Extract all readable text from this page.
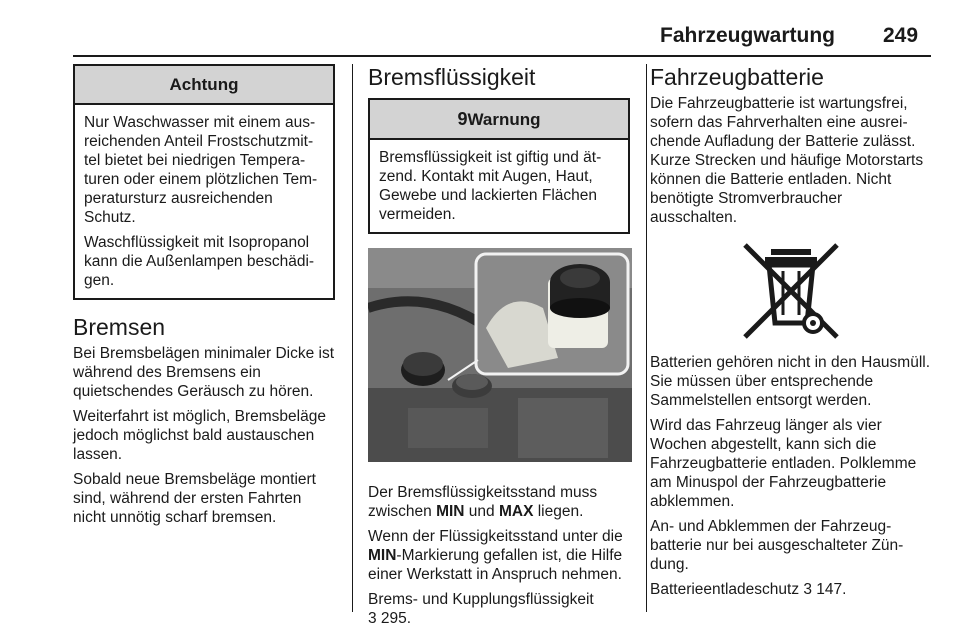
Fahrzeugwartung 249
Achtung

Nur Waschwasser mit einem ausreichenden Anteil Frostschutzmittel bietet bei niedrigen Temperaturen oder einem plötzlichen Temperatursturz ausreichenden Schutz.

Waschflüssigkeit mit Isopropanol kann die Außenlampen beschädigen.

Bremsen

Bei Bremsbelägen minimaler Dicke ist während des Bremsens ein quietschendes Geräusch zu hören.

Weiterfahrt ist möglich, Bremsbeläge jedoch möglichst bald austauschen lassen.

Sobald neue Bremsbeläge montiert sind, während der ersten Fahrten nicht unnötig scharf bremsen.

Bremsflüssigkeit
9Warnung

Bremsflüssigkeit ist giftig und ätzend. Kontakt mit Augen, Haut, Gewebe und lackierten Flächen vermeiden.

Der Bremsflüssigkeitsstand muss zwischen MIN und MAX liegen.

Wenn der Flüssigkeitsstand unter die MIN-Markierung gefallen ist, die Hilfe einer Werkstatt in Anspruch nehmen.

Brems- und Kupplungsflüssigkeit
3 295.

Fahrzeugbatterie

Die Fahrzeugbatterie ist wartungsfrei, sofern das Fahrverhalten eine ausreichende Aufladung der Batterie zulässt. Kurze Strecken und häufige Motorstarts können die Batterie entladen. Nicht benötigte Stromverbraucher ausschalten.

Batterien gehören nicht in den Hausmüll. Sie müssen über entsprechende Sammelstellen entsorgt werden.

Wird das Fahrzeug länger als vier Wochen abgestellt, kann sich die Fahrzeugbatterie entladen. Polklemme am Minuspol der Fahrzeugbatterie abklemmen.

An- und Abklemmen der Fahrzeugbatterie nur bei ausgeschalteter Zündung.

Batterieentladeschutz 3 147.
